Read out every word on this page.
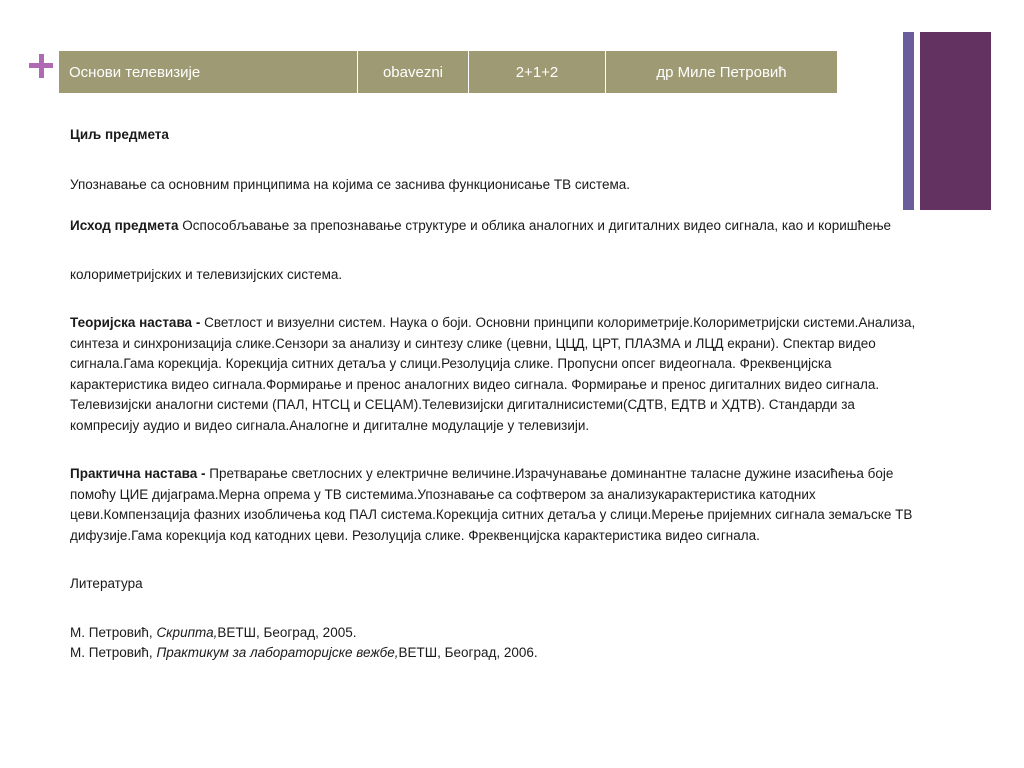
Основи телевизије	obavezni	2+1+2	др Миле Петровић

Циљ предмета

Упознавање са основним принципима на којима се заснива функционисање ТВ система.

Исход предмета Оспособљавање за препознавање структуре и облика аналогних и дигиталних видео сигнала, као и коришћење

колориметријских и телевизијских система.

Теоријска настава - Светлост и визуелни систем. Наука о боји. Основни принципи колориметрије.Колориметријски системи.Анализа, синтеза и синхронизација слике.Сензори за анализу и синтезу слике (цевни, ЦЦД, ЦРТ, ПЛАЗМА и ЛЦД екрани). Спектар видео сигнала.Гама корекција. Корекција ситних детаља у слици.Резолуција слике. Пропусни опсег видеогнала. Фреквенцијска карактеристика видео сигнала.Формирање и пренос аналогних видео сигнала. Формирање и пренос дигиталних видео сигнала. Телевизијски аналогни системи (ПАЛ, НТСЦ и СЕЦАМ).Телевизијски дигиталнисистеми(СДТВ, ЕДТВ и ХДТВ). Стандарди за компресију аудио и видео сигнала.Аналогне и дигиталне модулације у телевизији.

Практична настава - Претварање светлосних у електричне величине.Израчунавање доминантне таласне дужине изасићења боје помоћу ЦИЕ дијаграма.Мерна опрема у ТВ системима.Упознавање са софтвером за анализукарактеристика катодних цеви.Компензација фазних изобличења код ПАЛ система.Корекција ситних детаља у слици.Мерење пријемних сигнала земаљске ТВ дифузије.Гама корекција код катодних цеви. Резолуција слике. Фреквенцијска карактеристика видео сигнала.

Литература

М. Петровић, Скрипта,ВЕТШ, Београд, 2005.

М. Петровић, Практикум за лабораторијске вежбе,ВЕТШ, Београд, 2006.
